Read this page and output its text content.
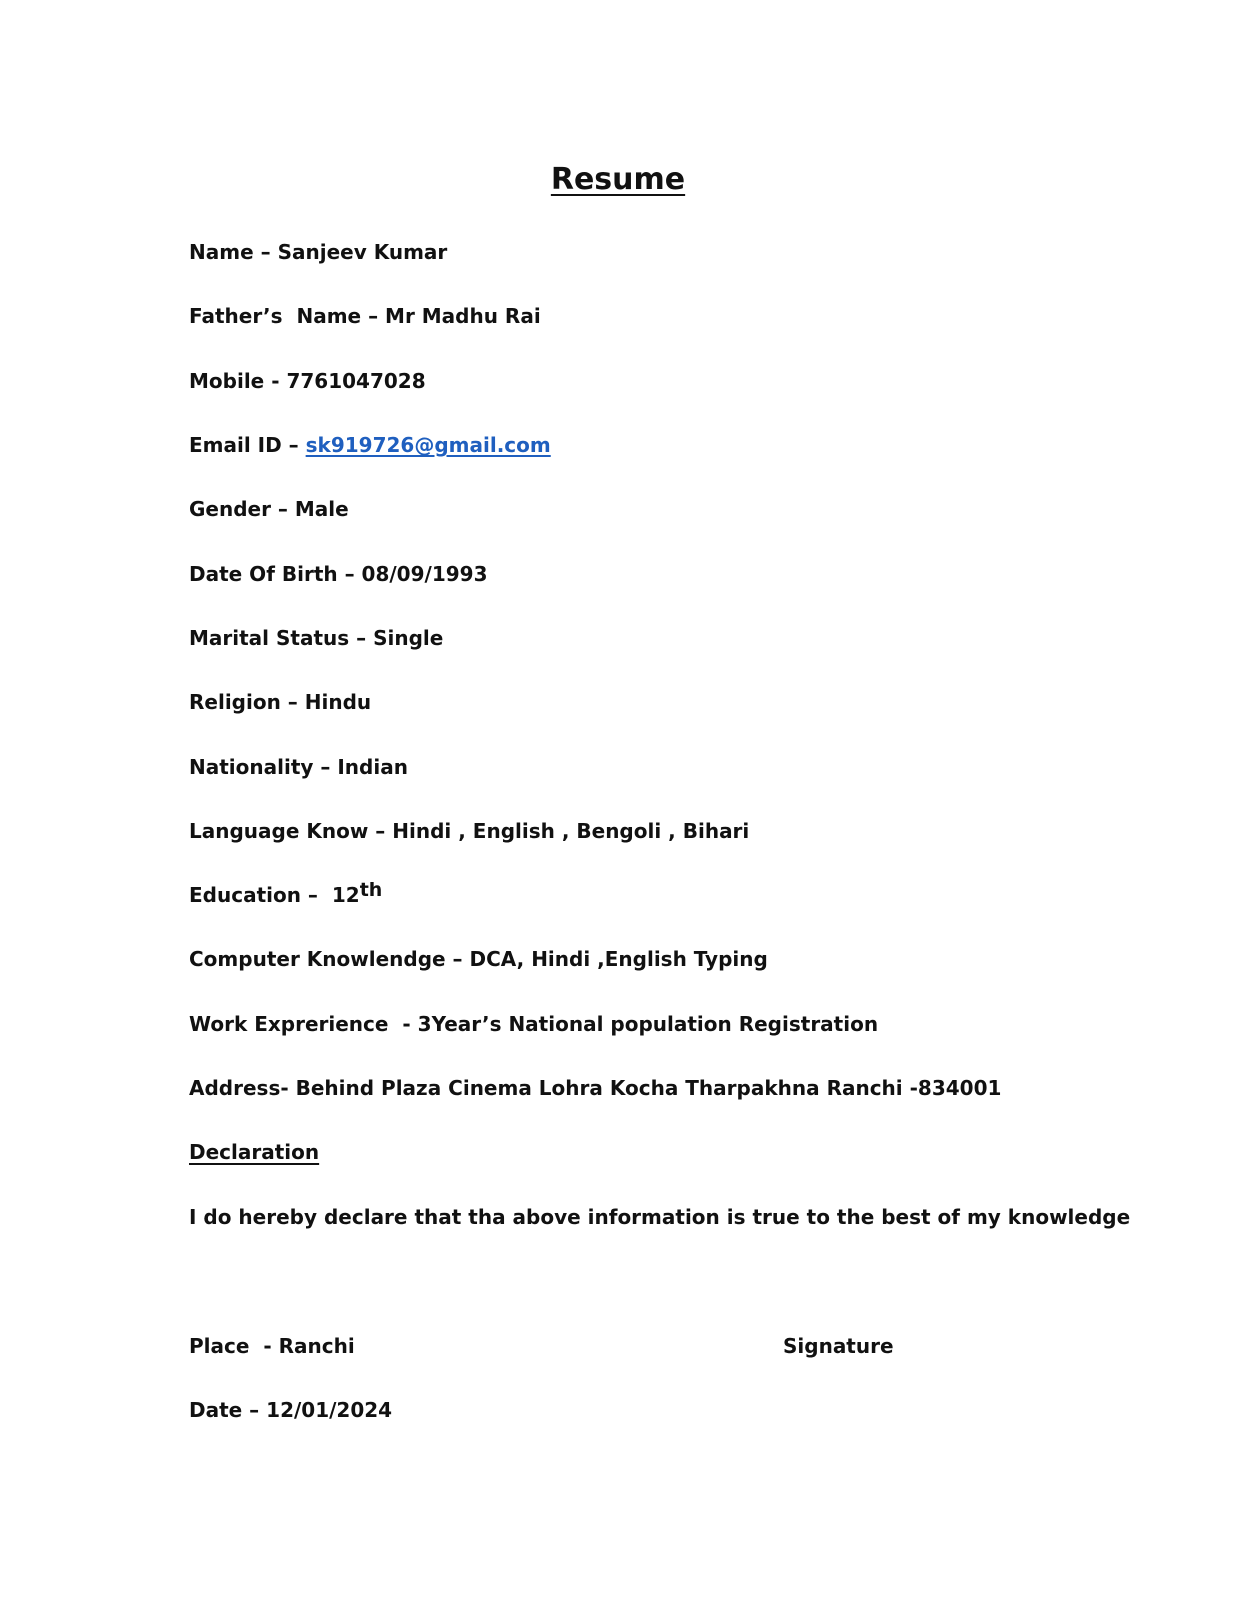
Resume
Name – Sanjeev Kumar
Father’s  Name – Mr Madhu Rai
Mobile - 7761047028
Email ID – sk919726@gmail.com
Gender – Male
Date Of Birth – 08/09/1993
Marital Status – Single
Religion – Hindu
Nationality – Indian
Language Know – Hindi , English , Bengoli , Bihari
Education –  12th
Computer Knowlendge – DCA, Hindi ,English Typing
Work Exprerience  - 3Year’s National population Registration
Address- Behind Plaza Cinema Lohra Kocha Tharpakhna Ranchi -834001
Declaration
I do hereby declare that tha above information is true to the best of my knowledge
Place  - Ranchi	Signature
Date – 12/01/2024
